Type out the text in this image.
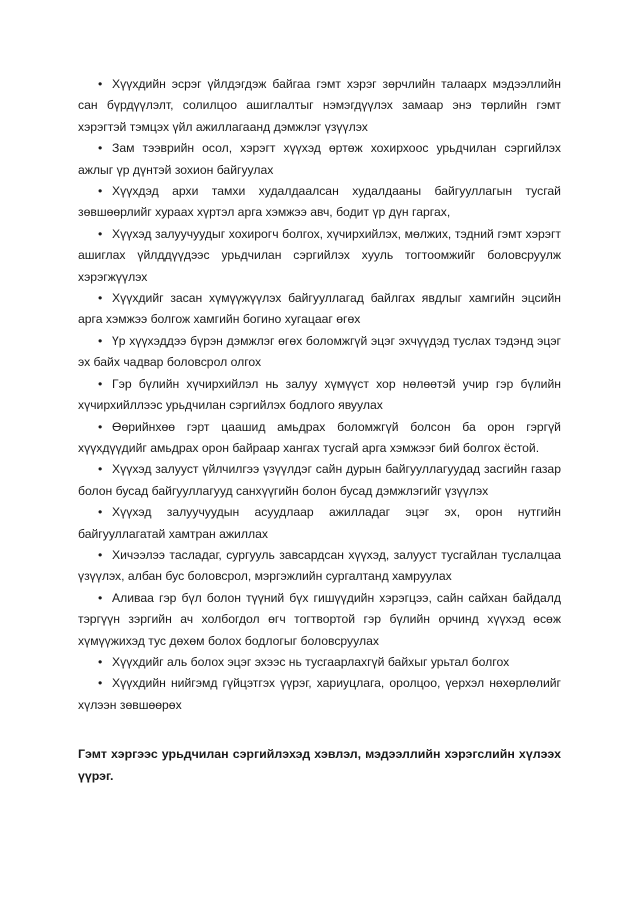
• Хүүхдийн эсрэг үйлдэгдэж байгаа гэмт хэрэг зөрчлийн талаарх мэдээллийн сан бүрдүүлэлт, солилцоо ашиглалтыг нэмэгдүүлэх замаар энэ төрлийн гэмт хэрэгтэй тэмцэх үйл ажиллагаанд дэмжлэг үзүүлэх

• Зам тээврийн осол, хэрэгт хүүхэд өртөж хохирхоос урьдчилан сэргийлэх ажлыг үр дүнтэй зохион байгуулах

• Хүүхдэд архи тамхи худалдаалсан худалдааны байгууллагын тусгай зөвшөөрлийг хураах хүртэл арга хэмжээ авч, бодит үр дүн гаргах,

• Хүүхэд залуучуудыг хохирогч болгох, хүчирхийлэх, мөлжих, тэдний гэмт хэрэгт ашиглах үйлддүүдээс урьдчилан сэргийлэх хууль тогтоомжийг боловсруулж хэрэгжүүлэх

• Хүүхдийг засан хүмүүжүүлэх байгууллагад байлгах явдлыг хамгийн эцсийн арга хэмжээ болгож хамгийн богино хугацааг өгөх

• Үр хүүхэддээ бүрэн дэмжлэг өгөх боломжгүй эцэг эхчүүдэд туслах тэдэнд эцэг эх байх чадвар боловсрол олгох

• Гэр бүлийн хүчирхийлэл нь залуу хүмүүст хор нөлөөтэй учир гэр бүлийн хүчирхийллээс урьдчилан сэргийлэх бодлого явуулах

• Өөрийнхөө гэрт цаашид амьдрах боломжгүй болсон ба орон гэргүй хүүхдүүдийг амьдрах орон байраар хангах тусгай арга хэмжээг бий болгох ёстой.

• Хүүхэд залууст үйлчилгээ үзүүлдэг сайн дурын байгууллагуудад засгийн газар болон бусад байгууллагууд санхүүгийн болон бусад дэмжлэгийг үзүүлэх

• Хүүхэд залуучуудын асуудлаар ажилладаг эцэг эх, орон нутгийн байгууллагатай хамтран ажиллах

• Хичээлээ тасладаг, сургууль завсардсан хүүхэд, залууст тусгайлан туслалцаа үзүүлэх, албан бус боловсрол, мэргэжлийн сургалтанд хамруулах

• Аливаа гэр бүл болон түүний бүх гишүүдийн хэрэгцээ, сайн сайхан байдалд тэргүүн зэргийн ач холбогдол өгч тогтвортой гэр бүлийн орчинд хүүхэд өсөж хүмүүжихэд тус дөхөм болох бодлогыг боловсруулах

• Хүүхдийг аль болох эцэг эхээс нь тусгаарлахгүй байхыг урьтал болгох

• Хүүхдийн нийгэмд гүйцэтгэх үүрэг, хариуцлага, оролцоо, үерхэл нөхөрлөлийг хүлээн зөвшөөрөх

Гэмт хэргээс урьдчилан сэргийлэхэд хэвлэл, мэдээллийн хэрэгслийн хүлээх үүрэг.
